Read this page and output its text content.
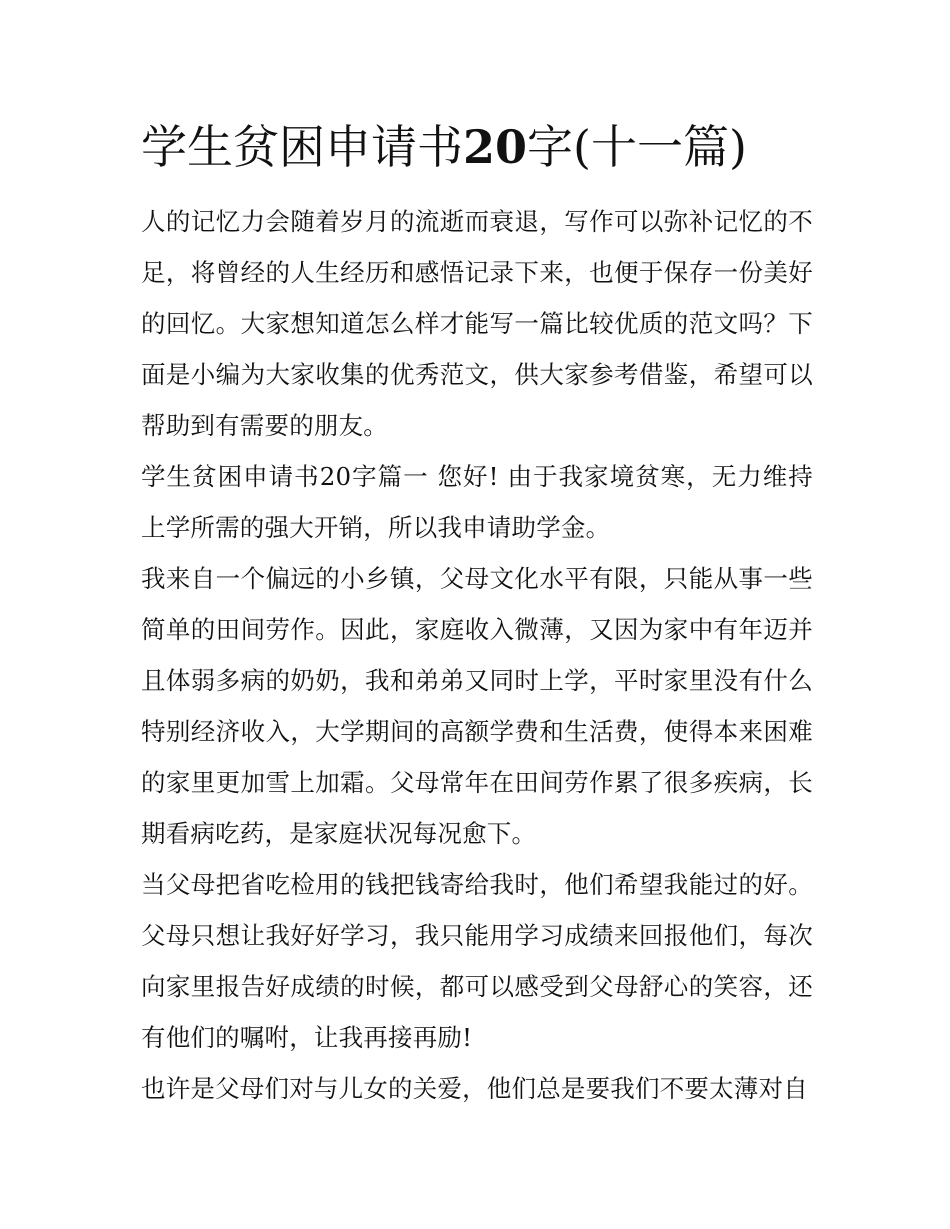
学生贫困申请书20字(十一篇)

人的记忆力会随着岁月的流逝而衰退，写作可以弥补记忆的不足，将曾经的人生经历和感悟记录下来，也便于保存一份美好的回忆。大家想知道怎么样才能写一篇比较优质的范文吗？下面是小编为大家收集的优秀范文，供大家参考借鉴，希望可以帮助到有需要的朋友。

学生贫困申请书20字篇一 您好! 由于我家境贫寒，无力维持上学所需的强大开销，所以我申请助学金。

我来自一个偏远的小乡镇，父母文化水平有限，只能从事一些简单的田间劳作。因此，家庭收入微薄，又因为家中有年迈并且体弱多病的奶奶，我和弟弟又同时上学，平时家里没有什么特别经济收入，大学期间的高额学费和生活费，使得本来困难的家里更加雪上加霜。父母常年在田间劳作累了很多疾病，长期看病吃药，是家庭状况每况愈下。

当父母把省吃检用的钱把钱寄给我时，他们希望我能过的好。父母只想让我好好学习，我只能用学习成绩来回报他们，每次向家里报告好成绩的时候，都可以感受到父母舒心的笑容，还有他们的嘱咐，让我再接再励!

也许是父母们对与儿女的关爱，他们总是要我们不要太薄对自
